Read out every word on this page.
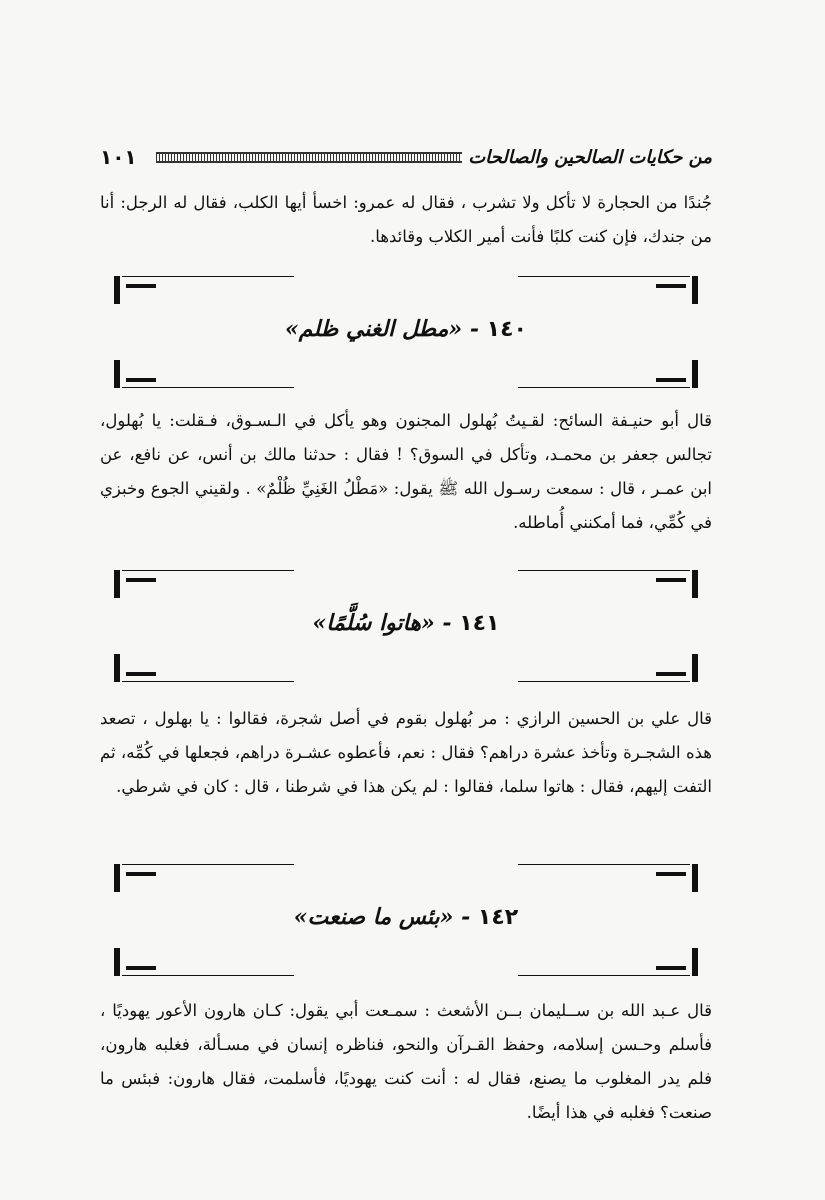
١٠١	من حكايات الصالحين والصالحات

جُندًا من الحجارة لا تأكل ولا تشرب ، فقال له عمرو: اخسأ أيها الكلب، فقال له الرجل: أنا من جندك، فإن كنت كلبًا فأنت أمير الكلاب وقائدها.

١٤٠ - «مطل الغني ظلم»

قال أبو حنيـفة السائح: لقـيتُ بُهلول المجنون وهو يأكل في الـسـوق، فـقلت: يا بُهلول، تجالس جعفر بن محمـد، وتأكل في السوق؟ ! فقال : حدثنا مالك بن أنس، عن نافع، عن ابن عمـر ، قال : سمعت رسـول الله ﷺ يقول: «مَطْلُ الغَنِيِّ ظُلْمٌ» . ولقيني الجوع وخبزي في كُمِّي، فما أمكنني أُماطله.

١٤١ - «هاتوا سُلَّمًا»

قال علي بن الحسين الرازي : مر بُهلول بقوم في أصل شجرة، فقالوا : يا بهلول ، تصعد هذه الشجـرة وتأخذ عشرة دراهم؟ فقال : نعم، فأعطوه عشـرة دراهم، فجعلها في كُمِّه، ثم التفت إليهم، فقال : هاتوا سلما، فقالوا : لم يكن هذا في شرطنا ، قال : كان في شرطي.

١٤٢ - «بئس ما صنعت»

قال عـبد الله بن ســليمان بــن الأشعث : سمـعت أبي يقول: كـان هارون الأعور يهوديًا ، فأسلم وحـسن إسلامه، وحفظ القـرآن والنحو، فناظره إنسان في مسـألة، فغلبه هارون، فلم يدر المغلوب ما يصنع، فقال له : أنت كنت يهوديًا، فأسلمت، فقال هارون: فبئس ما صنعت؟ فغلبه في هذا أيضًا.
